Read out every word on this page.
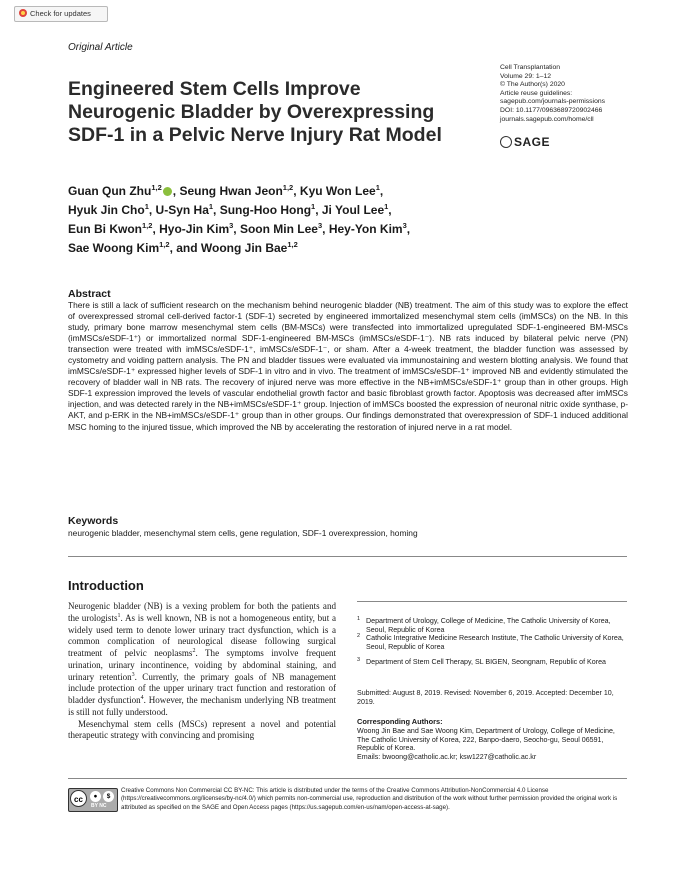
Check for updates
Original Article
Engineered Stem Cells Improve Neurogenic Bladder by Overexpressing SDF-1 in a Pelvic Nerve Injury Rat Model
Cell Transplantation
Volume 29: 1–12
© The Author(s) 2020
Article reuse guidelines:
sagepub.com/journals-permissions
DOI: 10.1177/0963689720902466
journals.sagepub.com/home/cll
SAGE

Guan Qun Zhu$^{1,2}$ , Seung Hwan Jeon$^{1,2}$, Kyu Won Lee$^1$,
Hyuk Jin Cho$^1$, U-Syn Ha$^1$, Sung-Hoo Hong$^1$, Ji Youl Lee$^1$,
Eun Bi Kwon$^{1,2}$, Hyo-Jin Kim$^3$, Soon Min Lee$^3$, Hey-Yon Kim$^3$,
Sae Woong Kim$^{1,2}$, and Woong Jin Bae$^{1,2}$

Abstract

There is still a lack of sufficient research on the mechanism behind neurogenic bladder (NB) treatment. The aim of this study was to explore the effect of overexpressed stromal cell-derived factor-1 (SDF-1) secreted by engineered immortalized mesenchymal stem cells (imMSCs) on the NB. In this study, primary bone marrow mesenchymal stem cells (BM-MSCs) were transfected into immortalized upregulated SDF-1-engineered BM-MSCs (imMSCs/eSDF-1⁺) or immortalized normal SDF-1-engineered BM-MSCs (imMSCs/eSDF-1⁻). NB rats induced by bilateral pelvic nerve (PN) transection were treated with imMSCs/eSDF-1⁺, imMSCs/eSDF-1⁻, or sham. After a 4-week treatment, the bladder function was assessed by cystometry and voiding pattern analysis. The PN and bladder tissues were evaluated via immunostaining and western blotting analysis. We found that imMSCs/eSDF-1⁺ expressed higher levels of SDF-1 in vitro and in vivo. The treatment of imMSCs/eSDF-1⁺ improved NB and evidently stimulated the recovery of bladder wall in NB rats. The recovery of injured nerve was more effective in the NB+imMSCs/eSDF-1⁺ group than in other groups. High SDF-1 expression improved the levels of vascular endothelial growth factor and basic fibroblast growth factor. Apoptosis was decreased after imMSCs injection, and was detected rarely in the NB+imMSCs/eSDF-1⁺ group. Injection of imMSCs boosted the expression of neuronal nitric oxide synthase, p-AKT, and p-ERK in the NB+imMSCs/eSDF-1⁺ group than in other groups. Our findings demonstrated that overexpression of SDF-1 induced additional MSC homing to the injured tissue, which improved the NB by accelerating the restoration of injured nerve in a rat model.

Keywords
neurogenic bladder, mesenchymal stem cells, gene regulation, SDF-1 overexpression, homing
Introduction

Neurogenic bladder (NB) is a vexing problem for both the patients and the urologists$^1$. As is well known, NB is not a homogeneous entity, but a widely used term to denote lower urinary tract dysfunction, which is a common complication of neurological disease following surgical treatment of pelvic neoplasms$^2$. The symptoms involve frequent urination, urinary incontinence, voiding by abdominal staining, and urinary retention$^3$. Currently, the primary goals of NB management include protection of the upper urinary tract function and restoration of bladder dysfunction$^4$. However, the mechanism underlying NB treatment is still not fully understood.

Mesenchymal stem cells (MSCs) represent a novel and potential therapeutic strategy with convincing and promising

1 Department of Urology, College of Medicine, The Catholic University of Korea, Seoul, Republic of Korea
2 Catholic Integrative Medicine Research Institute, The Catholic University of Korea, Seoul, Republic of Korea
3 Department of Stem Cell Therapy, SL BIGEN, Seongnam, Republic of Korea
Submitted: August 8, 2019. Revised: November 6, 2019. Accepted: December 10, 2019.
Corresponding Authors:
Woong Jin Bae and Sae Woong Kim, Department of Urology, College of Medicine, The Catholic University of Korea, 222, Banpo-daero, Seocho-gu, Seoul 06591, Republic of Korea.
Emails: bwoong@catholic.ac.kr; ksw1227@catholic.ac.kr
cc	●	$
BY NC
Creative Commons Non Commercial CC BY-NC: This article is distributed under the terms of the Creative Commons Attribution-NonCommercial 4.0 License (https://creativecommons.org/licenses/by-nc/4.0/) which permits non-commercial use, reproduction and distribution of the work without further permission provided the original work is attributed as specified on the SAGE and Open Access pages (https://us.sagepub.com/en-us/nam/open-access-at-sage).
